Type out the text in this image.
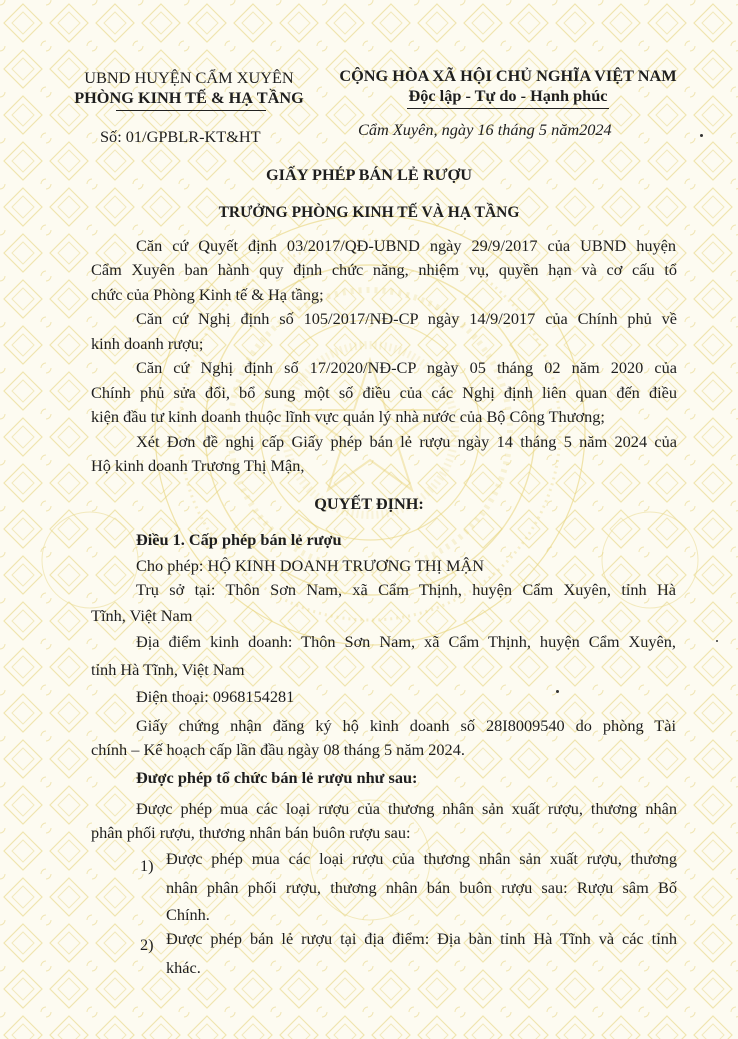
UBND HUYỆN CẨM XUYÊN
PHÒNG KINH TẾ & HẠ TẦNG
CỘNG HÒA XÃ HỘI CHỦ NGHĨA VIỆT NAM
Độc lập - Tự do - Hạnh phúc
Số: 01/GPBLR-KT&HT	Cẩm Xuyên, ngày 16 tháng 5 năm2024
GIẤY PHÉP BÁN LẺ RƯỢU
TRƯỞNG PHÒNG KINH TẾ VÀ HẠ TẦNG
Căn cứ Quyết định 03/2017/QĐ-UBND ngày 29/9/2017 của UBND huyện
Cẩm Xuyên ban hành quy định chức năng, nhiệm vụ, quyền hạn và cơ cấu tổ
chức của Phòng Kinh tế & Hạ tầng;
Căn cứ Nghị định số 105/2017/NĐ-CP ngày 14/9/2017 của Chính phủ về
kinh doanh rượu;
Căn cứ Nghị định số 17/2020/NĐ-CP ngày 05 tháng 02 năm 2020 của
Chính phủ sửa đổi, bổ sung một số điều của các Nghị định liên quan đến điều
kiện đầu tư kinh doanh thuộc lĩnh vực quản lý nhà nước của Bộ Công Thương;
Xét Đơn đề nghị cấp Giấy phép bán lẻ rượu ngày 14 tháng 5 năm 2024 của
Hộ kinh doanh Trương Thị Mận,
QUYẾT ĐỊNH:
Điều 1. Cấp phép bán lẻ rượu
Cho phép: HỘ KINH DOANH TRƯƠNG THỊ MẬN
Trụ sở tại: Thôn Sơn Nam, xã Cẩm Thịnh, huyện Cẩm Xuyên, tỉnh Hà
Tĩnh, Việt Nam
Địa điểm kinh doanh: Thôn Sơn Nam, xã Cẩm Thịnh, huyện Cẩm Xuyên,
tỉnh Hà Tĩnh, Việt Nam
Điện thoại: 0968154281
Giấy chứng nhận đăng ký hộ kinh doanh số 28I8009540 do phòng Tài
chính – Kế hoạch cấp lần đầu ngày 08 tháng 5 năm 2024.
Được phép tổ chức bán lẻ rượu như sau:
Được phép mua các loại rượu của thương nhân sản xuất rượu, thương nhân
phân phối rượu, thương nhân bán buôn rượu sau:
1) Được phép mua các loại rượu của thương nhân sản xuất rượu, thương
nhân phân phối rượu, thương nhân bán buôn rượu sau: Rượu sâm Bố
Chính.
2) Được phép bán lẻ rượu tại địa điểm: Địa bàn tỉnh Hà Tĩnh và các tỉnh
khác.
